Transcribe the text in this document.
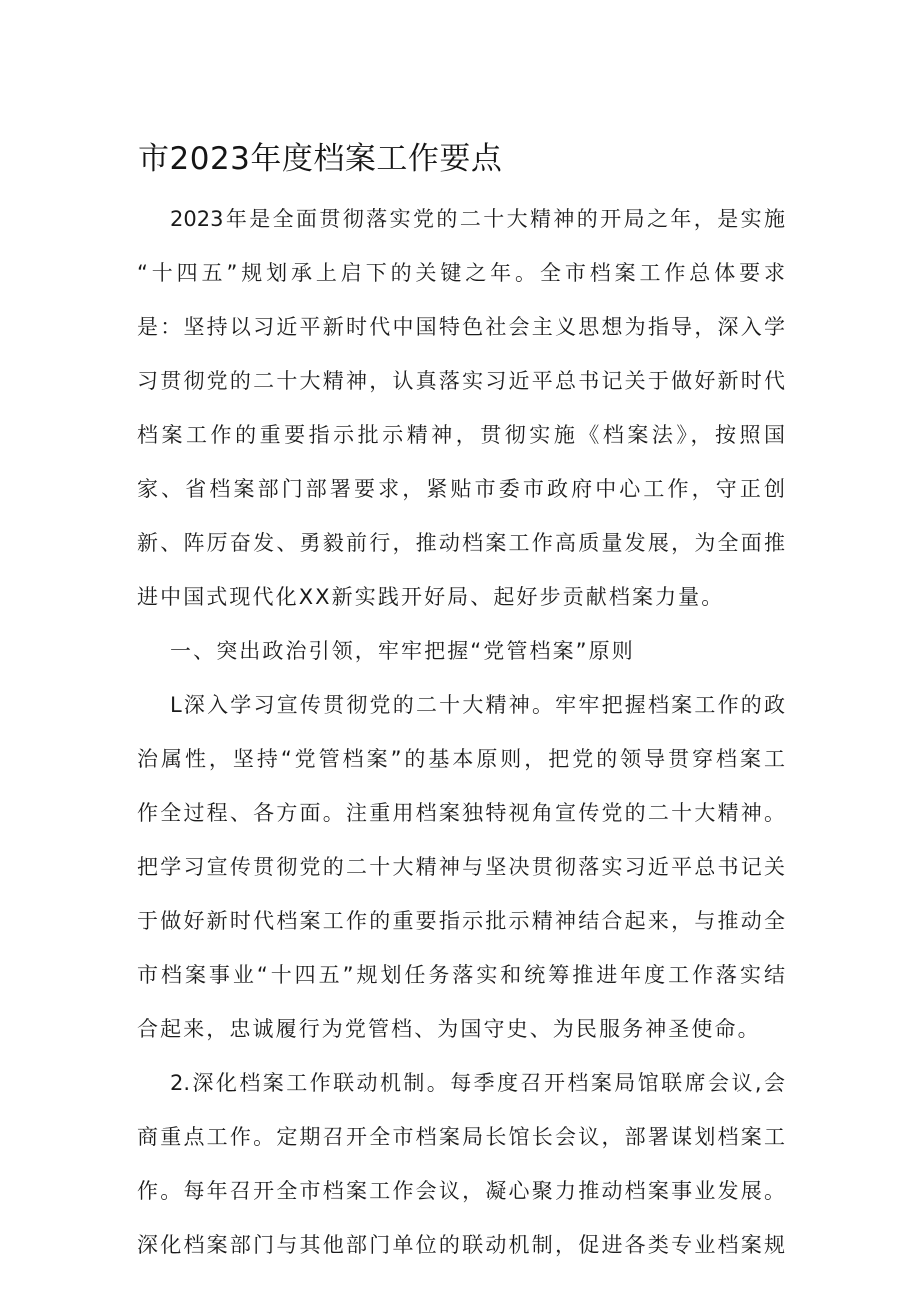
市2023年度档案工作要点
2023年是全面贯彻落实党的二十大精神的开局之年，是实施
“十四五”规划承上启下的关键之年。全市档案工作总体要求
是：坚持以习近平新时代中国特色社会主义思想为指导，深入学
习贯彻党的二十大精神，认真落实习近平总书记关于做好新时代
档案工作的重要指示批示精神，贯彻实施《档案法》，按照国
家、省档案部门部署要求，紧贴市委市政府中心工作，守正创
新、阵厉奋发、勇毅前行，推动档案工作高质量发展，为全面推
进中国式现代化XX新实践开好局、起好步贡献档案力量。
一、突出政治引领，牢牢把握“党管档案”原则
L深入学习宣传贯彻党的二十大精神。牢牢把握档案工作的政
治属性，坚持“党管档案”的基本原则，把党的领导贯穿档案工
作全过程、各方面。注重用档案独特视角宣传党的二十大精神。
把学习宣传贯彻党的二十大精神与坚决贯彻落实习近平总书记关
于做好新时代档案工作的重要指示批示精神结合起来，与推动全
市档案事业“十四五”规划任务落实和统筹推进年度工作落实结
合起来，忠诚履行为党管档、为国守史、为民服务神圣使命。
2.深化档案工作联动机制。每季度召开档案局馆联席会议,会
商重点工作。定期召开全市档案局长馆长会议，部署谋划档案工
作。每年召开全市档案工作会议，凝心聚力推动档案事业发展。
深化档案部门与其他部门单位的联动机制，促进各类专业档案规
